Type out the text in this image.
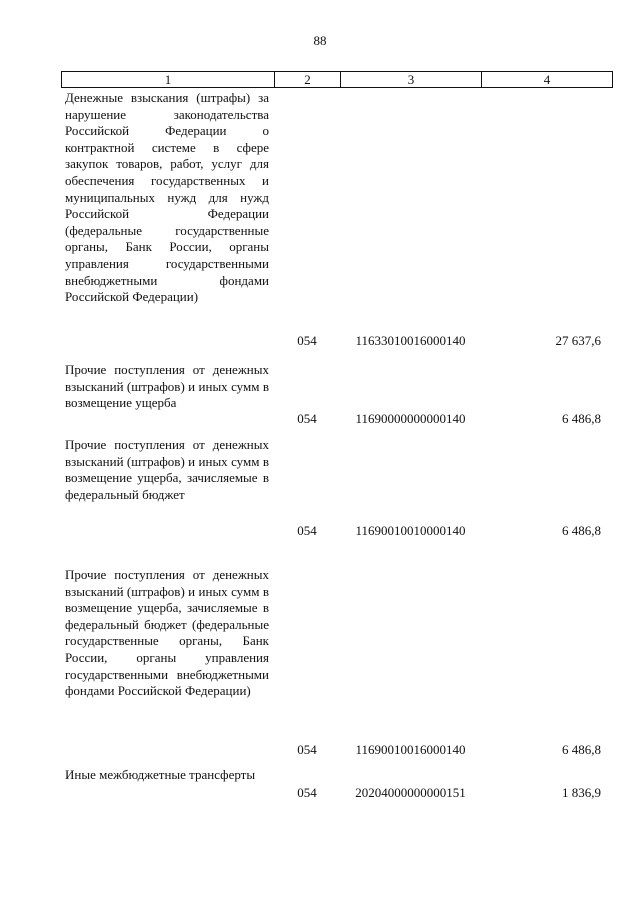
88
1	2	3	4
Денежные взыскания (штрафы) за нарушение законодательства Российской Федерации о контрактной системе в сфере закупок товаров, работ, услуг для обеспечения государственных и муниципальных нужд для нужд Российской Федерации (федеральные государственные органы, Банк России, органы управления государственными внебюджетными фондами Российской Федерации)
054	11633010016000140	27 637,6
Прочие поступления от денежных взысканий (штрафов) и иных сумм в возмещение ущерба
054	11690000000000140	6 486,8
Прочие поступления от денежных взысканий (штрафов) и иных сумм в возмещение ущерба, зачисляемые в федеральный бюджет
054	11690010010000140	6 486,8
Прочие поступления от денежных взысканий (штрафов) и иных сумм в возмещение ущерба, зачисляемые в федеральный бюджет (федеральные государственные органы, Банк России, органы управления государственными внебюджетными фондами Российской Федерации)
054	11690010016000140	6 486,8
Иные межбюджетные трансферты
054	20204000000000151	1 836,9
